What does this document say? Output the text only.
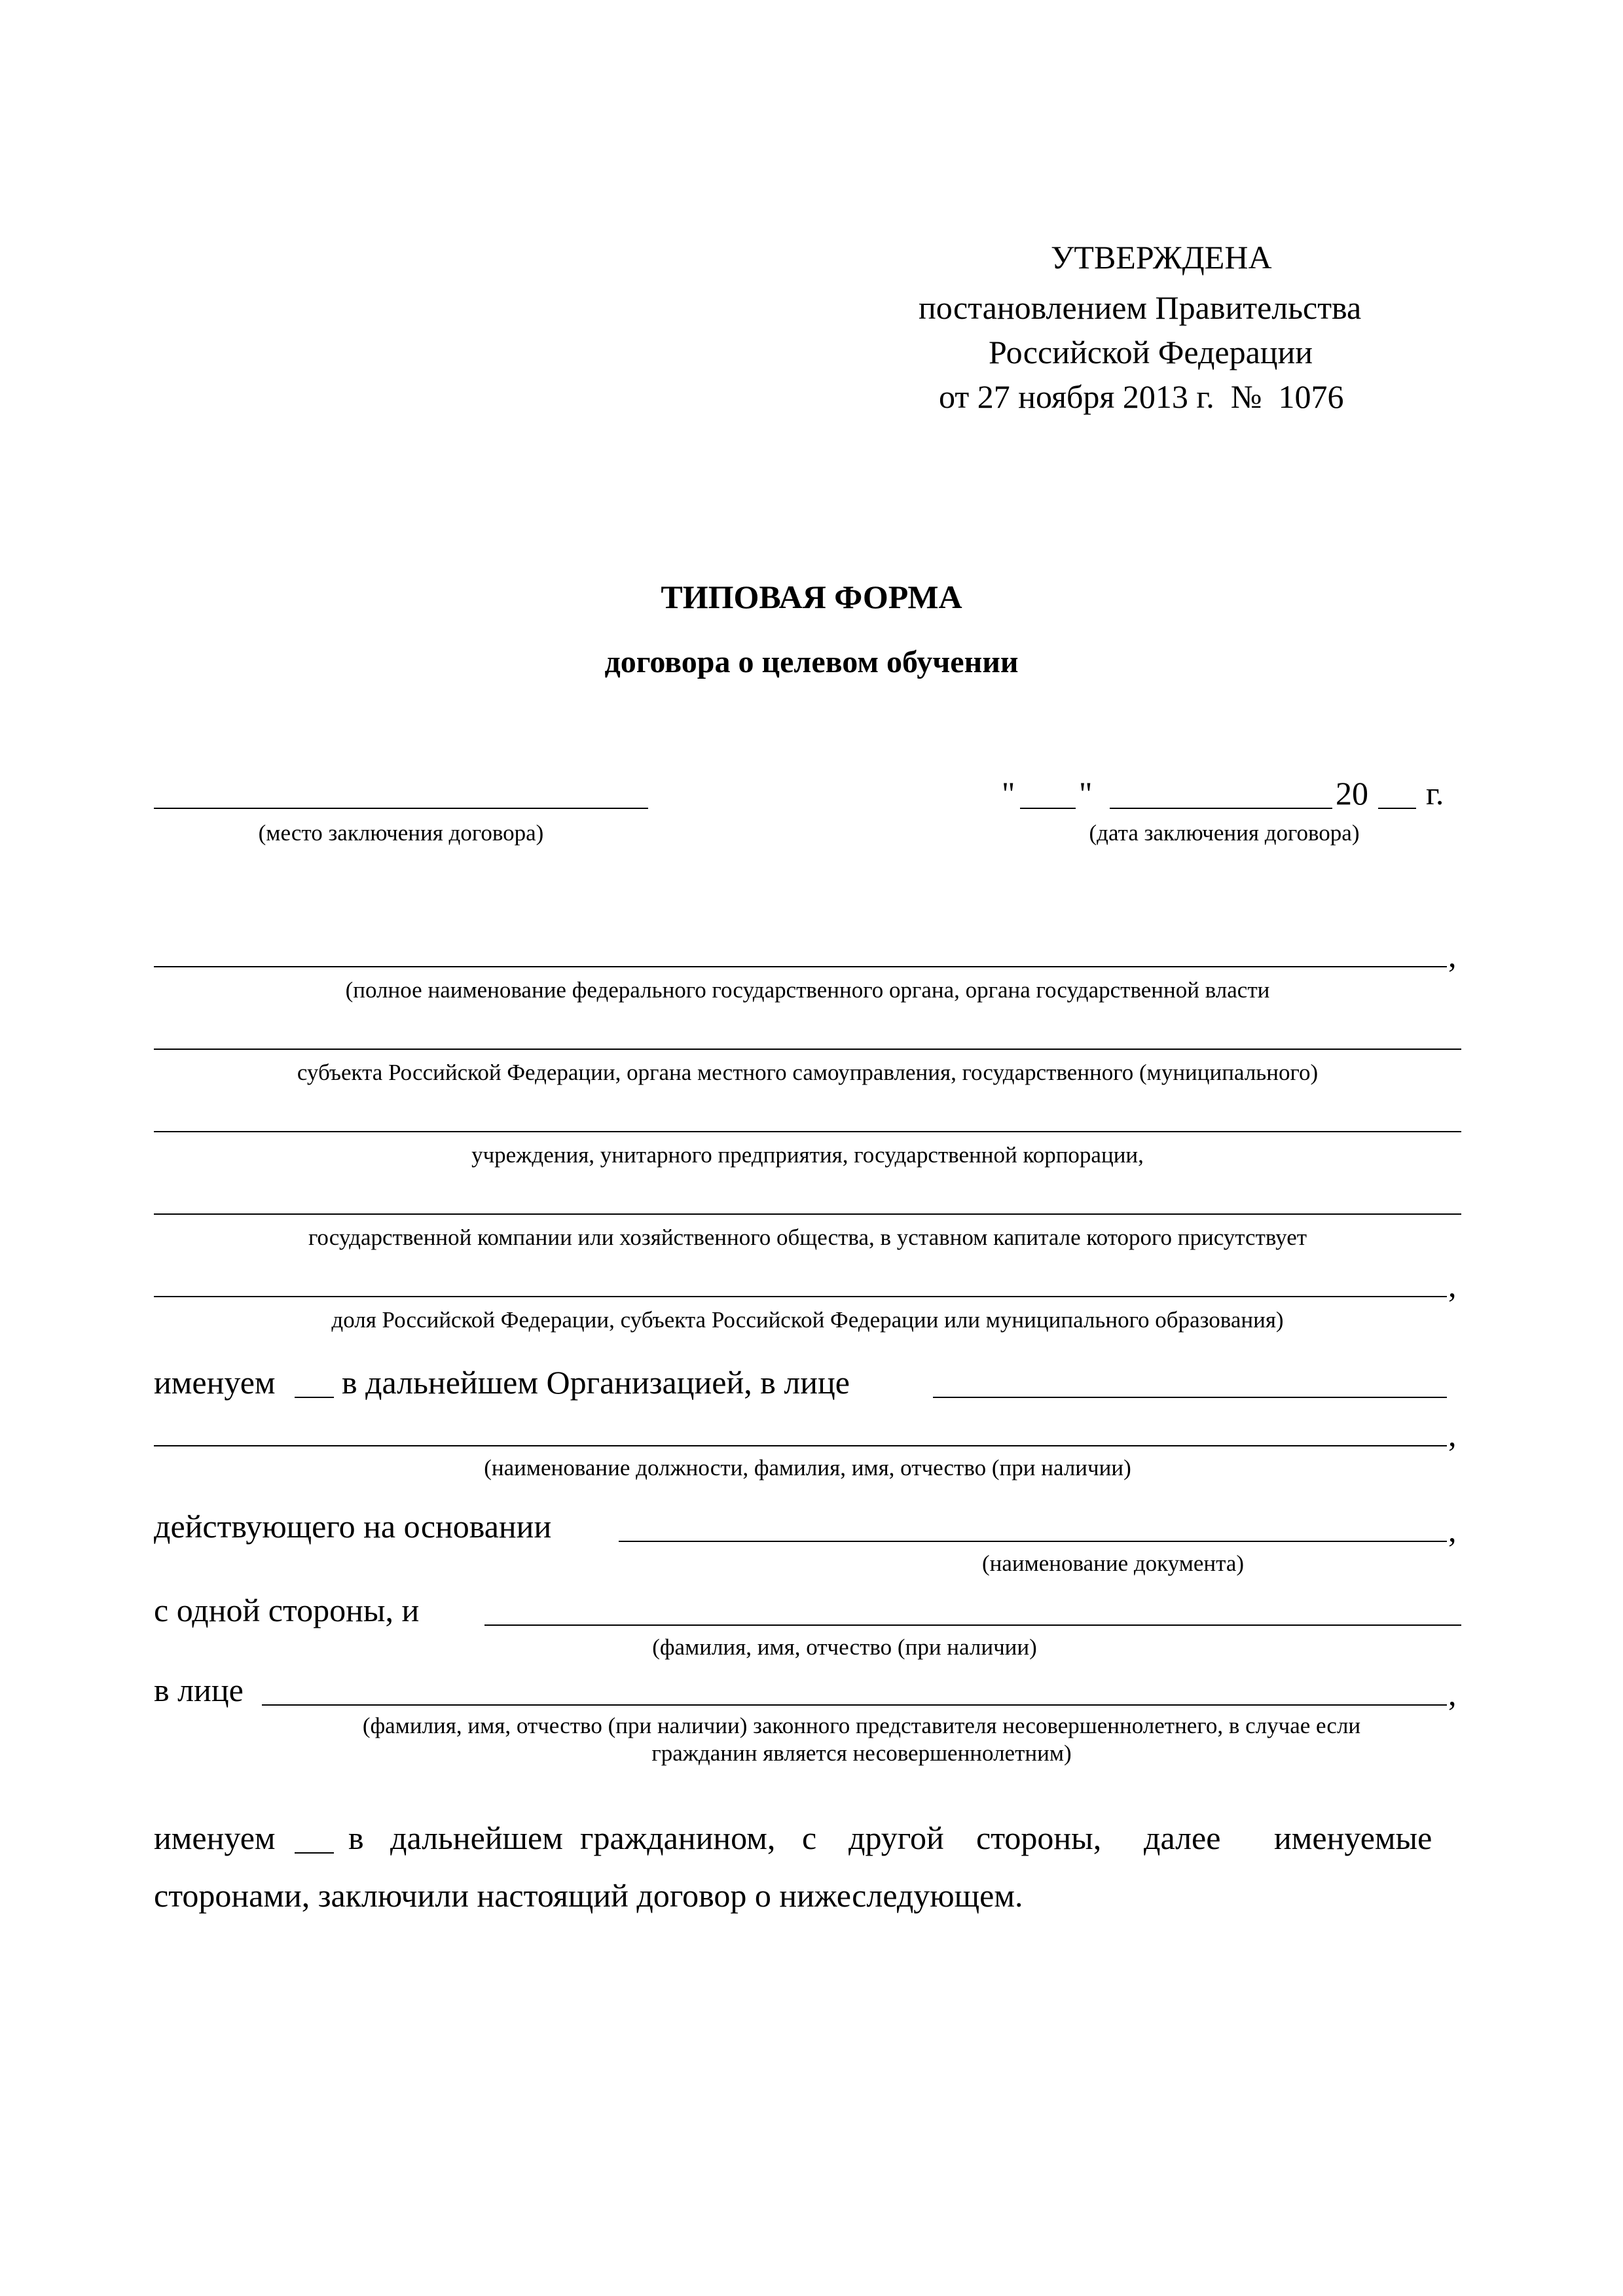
УТВЕРЖДЕНА
постановлением Правительства
Российской Федерации
от 27 ноября 2013 г.  №  1076
ТИПОВАЯ ФОРМА
договора о целевом обучении
(место заключения договора)
" "	20 г.
(дата заключения договора)
,
(полное наименование федерального государственного органа, органа государственной власти
субъекта Российской Федерации, органа местного самоуправления, государственного (муниципального)
учреждения, унитарного предприятия, государственной корпорации,
государственной компании или хозяйственного общества, в уставном капитале которого присутствует
,
доля Российской Федерации, субъекта Российской Федерации или муниципального образования)
именуем в дальнейшем Организацией, в лице
,
(наименование должности, фамилия, имя, отчество (при наличии)
действующего на основании	,
(наименование документа)
с одной стороны, и
(фамилия, имя, отчество (при наличии)
в лице	,
(фамилия, имя, отчество (при наличии) законного представителя несовершеннолетнего, в случае если
гражданин является несовершеннолетним)
именуем в дальнейшем гражданином, с другой стороны, далее именуемые
сторонами, заключили настоящий договор о нижеследующем.
